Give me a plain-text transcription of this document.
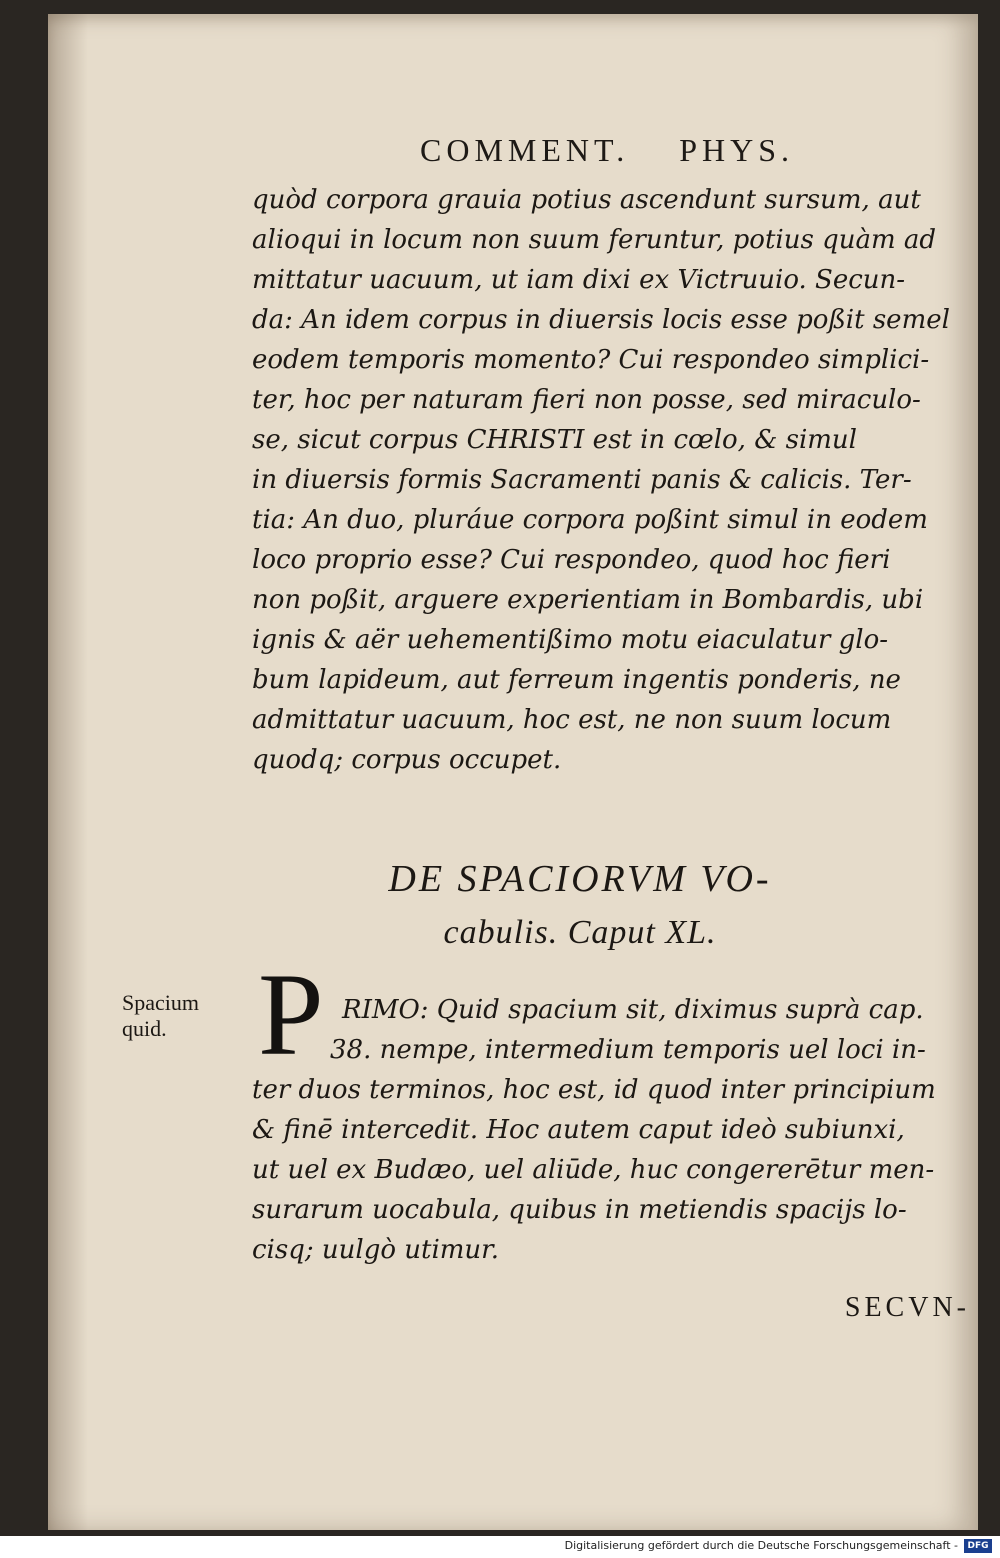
COMMENT. PHYS.
quòd corpora grauia potius ascendunt sursum, aut
alioqui in locum non suum feruntur, potius quàm ad
mittatur uacuum, ut iam dixi ex Victruuio. Secun-
da: An idem corpus in diuersis locis esse poßit semel
eodem temporis momento? Cui respondeo simplici-
ter, hoc per naturam fieri non posse, sed miraculo-
se, sicut corpus CHRISTI est in cœlo, & simul
in diuersis formis Sacramenti panis & calicis. Ter-
tia: An duo, pluráue corpora poßint simul in eodem
loco proprio esse? Cui respondeo, quod hoc fieri
non poßit, arguere experientiam in Bombardis, ubi
ignis & aër uehementißimo motu eiaculatur glo-
bum lapideum, aut ferreum ingentis ponderis, ne
admittatur uacuum, hoc est, ne non suum locum
quodq; corpus occupet.
DE SPACIORVM VO-
cabulis. Caput XL.
Spacium
quid. P RIMO: Quid spacium sit, diximus suprà cap.
38. nempe, intermedium temporis uel loci in-
ter duos terminos, hoc est, id quod inter principium
& finē intercedit. Hoc autem caput ideò subiunxi,
ut uel ex Budæo, uel aliūde, huc congererētur men-
surarum uocabula, quibus in metiendis spacijs lo-
cisq; uulgò utimur.
SECVN-
Digitalisierung gefördert durch die Deutsche Forschungsgemeinschaft -	DFG
